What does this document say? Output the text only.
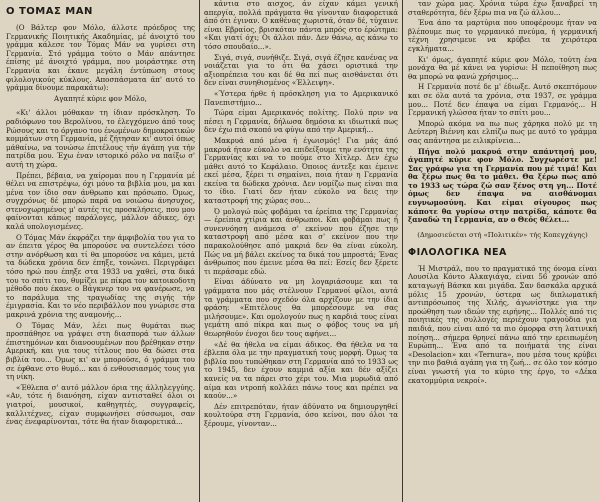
Ο ΤΟΜΑΣ ΜΑΝ

(Ο Βάλτερ φον Μόλο, άλλοτε πρόεδρος της Γερμανικής Ποιητικής Ακαδημίας, μέ άνοιχτό του γράμμα κάλεσε τον Τόμας Μάν να γυρίσει στη Γερμανία. Στό γράμμα τούτο ο Μάν απάντησε έπίσης μέ άνοιχτό γράμμα, που μοιράστηκε στη Γερμανία και έκανε μεγάλη έντύπωση στους φιλολογικούς κύκλους. Αποσπάσματα άπ' αυτό το γράμμα δίνουμε παρακάτω):

Αγαπητέ κύριε φον Μόλο,

«Κι' άλλοι μόθακαν τη ίδιαν πρόσκληση. Το ραδιόφωνο του Βερολίνου, το έλεγχόμενο άπό τους Ρώσους και το όργανο του ένωμένων δημοκρατικών κομμάτων στη Γερμανία, μέ ζήτησαν κι' αυτοί όπως μάθαίνω, να τονώσω έπιτέλους τήν άγάπη για τήν πατρίδα μου. Έχω έναν ιστορικό ρόλο να παίξω σ' αυτή τη χώρα.

Πρέπει, βέβαια, να χαίρομαι που η Γερμανία μέ θέλει να επιστρέψω, όχι μόνο τα βιβλία μου, μα και μένα τον ίδιο σαν άνθρωπο και πρόσωπο. Όμως, συγχρόνως δέ μπορώ παρά να νοιώσω άνησυχος, στενοχωρημένος μ' αυτές τις προσκλήσεις, που μου φαίνονται κάπως παράλογες, μάλλον άδικες, όχι καλά υπολογισμένες.

Ο Τόμας Μάν έκφράζει την άμφιβολία του για το αν έπειτα γέρος θα μπορούσε να συντελέσει τόσο στην ανόρθωση και τί θα μπορούσε να κάμει, μετά τα δώδεκα χρόνια δεν έπηξε, τονώνει. Περιγράφει τόσο ηρώ που έπηξε στα 1933 να χαθεί, στα δικά του το σπίτι του, θυμίζει με πίκρα τον κατοικοδοτη μέθοδο που έκανε ο Βάγκνερ του να φανέρωσε, να το παράλυμα της τραγωδίας της σιγής τήν έμιγρασία. Και το νέο περιβάλλον που γνώρισε στα μακρινά χρόνια της αναμονής...

Ο Τόμας Μάν, λέει πως θυμάται πως προσπάθησε να γράψει στη διασπορά των άλλων έπιστημόνων και διανοουμένων που βρέθηκαν στην Αμερική, και για τους τίτλους που θα δώσει στα βιβλία του... Όμως κι' αν μπορούσε, ό γράμμα του σε έφθανε στο θυμό... και ό ενθουσιασμός τους για τη νίκη.

«Έθλεπα σ' αυτό μάλλον όρια της άλληλεγγύης. «Αν, τότε ή διανόηση, είχαν αντισταθεί όλοι οι γιατροί, μουσικοί, καθηγητές, συγγραφείς, καλλιτέχνες, είχαν συμφωνήσει σύσσωμοι, σαν ένας ένεφαρίνονται, τότε θα ήταν διαφορετικά...

κάντια στο αισχος, άν είχαν κάμει γενική απεργία, πολλά πράγματα θα γίνονταν διαφορετικά άπό ότι έγιναν. Ο καθένας χωριστά, όταν δέ, τύχαινε είναι Εβραίος, βρισκόταν πάντα μπρός στο έρώτημα: «Και γιατί όχι; Οι άλλοι πάν. Δεν θάνω, ας κάνω το τόσο σπουδαίο...».

Σιγά, σιγά, συνήθιζε. Σιγά, σιγά έζησε κανένας να νοιάζεται για το ότι θα χάσει οριστικά την αξιοπρέπεια του και δέ θα πεί πως αισθάνεται ότι δεν είναι συνηθισμένος «Έλλειψη».

«Ύστερα ήρθε ή πρόσκληση για το Αμερικανικό Πανεπιστήμιο...

Τώρα είμαι Αμερικανός πολίτης. Πολύ πριν να πέσει η Γερμανία, δήλωσα δημόσια κι ιδιωτικά πως δεν έχω πιά σκοπό να φύγω από την Αμερική...

Μακρυά από μένα ή έγωισμός! Για μάς άπό μακρυά ήταν εύκολο να επιδείξουμε την ενότητα της Γερμανίας και να το πούμε στο Χίτλερ. Δεν έχω μάθει αυτό το Κεφάλαιο. Όποιος άντεξε και έμεινε εκεί μέσα, ξέρει τι σημαίνει, ποια ήταν η Γερμανία εκείνα τα δώδεκα χρόνια. Δεν νομίζω πως είναι πια το ίδιο. Γιατί δεν ήταν εύκολο να δεις την καταστροφή της χώρας σου...

Ό μολογώ πώς φοβάμαι τα έρείπια της Γερμανίας — έρείπια χτίρια και άνθρωποι. Και φοβάμαι πως ή συνεννόηση ανάμεσα σ' εκείνον που έζησε την καταστροφή από μέσα και σ' εκείνον που την παρακολούθησε από μακριά δεν θα είναι εύκολη. Πώς να μή βάλει εκείνος τα δικά του μπροστά; Ένας άνθρωπος που έμεινε μέσα θα πεί: Εσείς δεν ξέρετε τι περάσαμε εδώ.

Είναι άδύνατο να μη λογαριάσουμε και τα γράμματα που μάς στέλνουν Γερμανοί φίλοι, αυτά τα γράμματα που σχεδόν όλα αρχίζουν με την ίδια φράση: «Επιτέλους θα μπορέσουμε να σας μιλήσουμε». Και ομολογούν πως η καρδιά τους είναι γεμάτη από πίκρα και πως ο φόβος τους να μή θεωρηθούν ένοχοι δεν τους αφήνει...

«Δέ θα ήθελα να είμαι άδικος. Θα ήθελα να τα έβλεπα όλα με την πραγματική τους μορφή. Όμως τα βιβλία που τυπώθηκαν στη Γερμανία από το 1933 ως το 1945, δεν έχουν καμμιά αξία και δέν αξίζει κανείς να τα πάρει στο χέρι του. Μια μυρωδιά από αίμα και ντροπή κολλάει πάνω τους και πρέπει να καούν...»

Δέν επιτρεπόταν, ήταν άδύνατο να δημιουργηθεί κουλτούρα στη Γερμανία, όσο κείνοι, που όλοι τα ξέρουμε, γίνονταν...

ταν χώρα μας. Χρόνια τώρα έχω ξαναβρεί τη σταθερότητα, δέν ξέρω πια να ζώ άλλου...

Ένα άπο τα μαρτύρια που υποφέρουμε ήταν να βλέπουμε πως το γερμανικό πνεύμα, ή γερμανική τέχνη χρησιμευε να κρύβει τα χειρότερα εγκλήματα...

Κι' όμως, άγαπητέ κύριε φον Μόλο, τούτη ένα μονάχα θα μέ κάνει να γυρίσω: Η πεποίθηση πως θα μπορώ να φανώ χρήσιμος...

Η Γερμανία ποτέ δε μ' έδιωξε. Αυτό σκεπτόμουν και σε όλα αυτά τα χρόνια, στα 1937, σε γράμμα μου... Ποτέ δεν έπαψα να είμαι Γερμανός... Η Γερμανική γλώσσα ήταν το σπίτι μου...

Μπορώ ακόμα να πω πως χάρηκα πολύ με τη Δεύτερη Βιέννη και ελπίζω πως με αυτό το γράμμα σας απάντησα με ειλικρίνεια...

Πήγα πολύ μακρυά στην απάντησή μου, άγαπητέ κύριε φον Μόλο. Συγχωρέστε με! Σας γράφω για τη Γερμανία που μέ τιμά! Και θα ξέρω πως θα το μάθει. Θα ξέρω πως από το 1933 ως τώρα ζώ σαν ξένος στη γη... Ποτέ όμως δεν έπαψα να αισθάνομαι ευγνωμοσύνη. Και είμαι σίγουρος πως κάποτε θα γυρίσω στην πατρίδα, κάποτε θα ξαναδώ τη Γερμανία, αν ο Θεός θέλει...

(Δημοσιεύεται στή «Πολιτικέν» τής Κοπεγχάγης)

ΦΙΛΟΛΟΓΙΚΑ ΝΕΑ

Ή Μιστράλ, που το πραγματικό της όνομα είναι Λουσίλα Κόντο Αλκαγιάγα, είναι 56 χρονών από καταγωγή Βάσκα και μιγάδα. Σαν δασκάλα αρχικά μόλις 15 χρονών, ύστερα ως διπλωματική αντιπρόσωπος της Χιλής, άγωνίστηκε για την προώθηση των ιδεών της ειρήνης... Πολλές από τις ποιητικές της συλλογές περιέχουν τραγούδια για παιδιά, που είναι από τα πιο όμορφα στη λατινική ποίηση... σήμερα θρηνεί πάνω από την ερειπωμένη Ευρώπη... Ένα από τα ποιήματά της είναι «Desolacion» και «Ternura», που μέσα τους κρύβει την πιο βαθιά αγάπη για τη ζωή... σε όλο τον κόσμο είναι γνωστή για το κύριο της έργο, το «Δέκα εκατομμύρια νεκροί».
